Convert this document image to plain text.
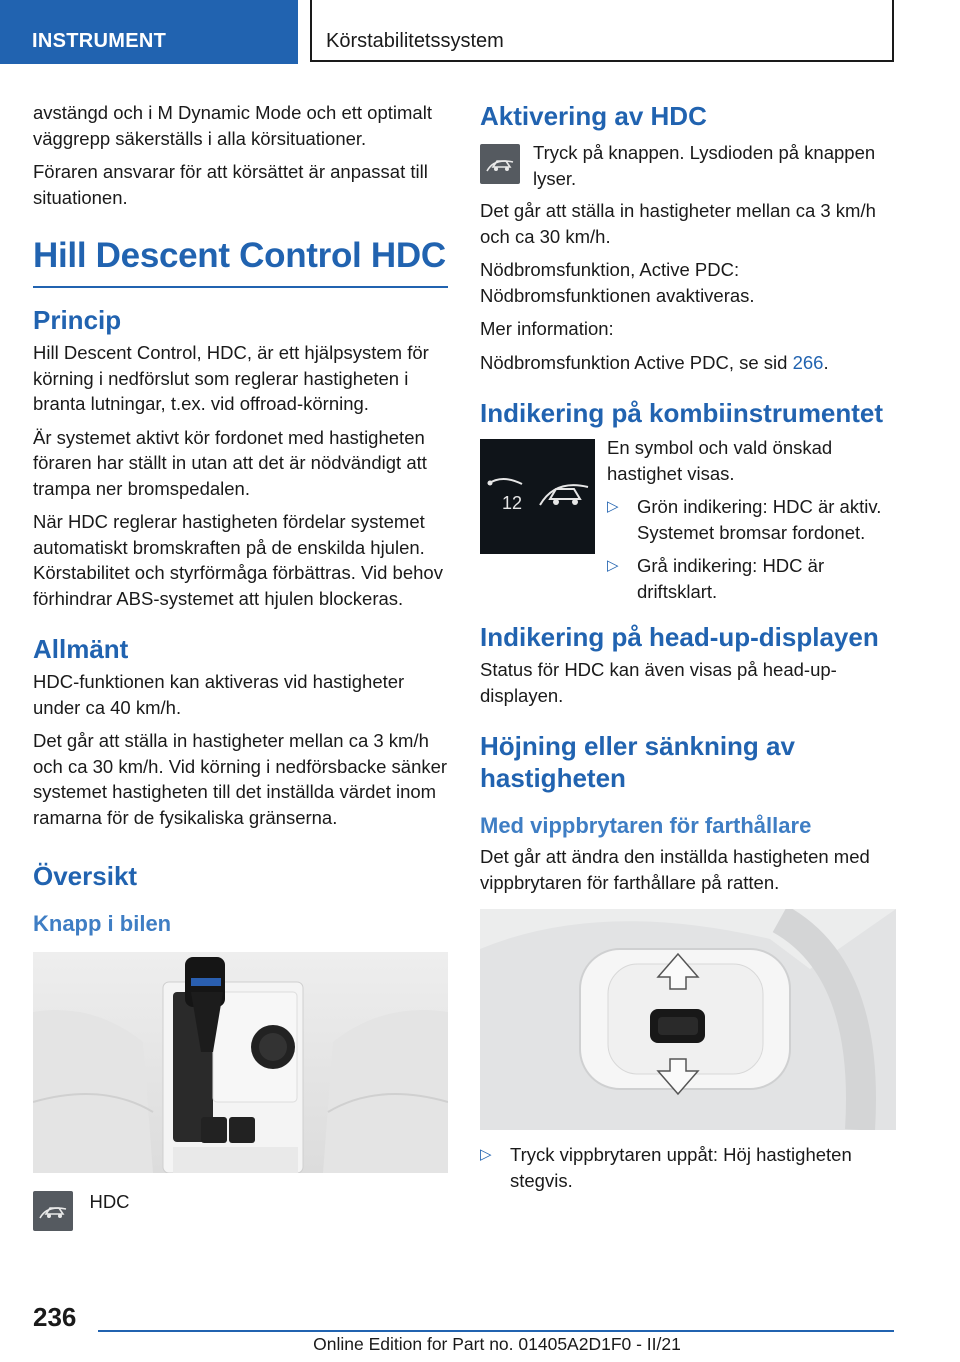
INSTRUMENT	Körstabilitetssystem

avstängd och i M Dynamic Mode och ett optimalt väggrepp säkerställs i alla körsituationer.

Föraren ansvarar för att körsättet är anpassat till situationen.

Hill Descent Control HDC
Princip

Hill Descent Control, HDC, är ett hjälpsystem för körning i nedförslut som reglerar hastigheten i branta lutningar, t.ex. vid offroad-körning.

Är systemet aktivt kör fordonet med hastigheten föraren har ställt in utan att det är nödvändigt att trampa ner bromspedalen.

När HDC reglerar hastigheten fördelar systemet automatiskt bromskraften på de enskilda hjulen. Körstabilitet och styrförmåga förbättras. Vid behov förhindrar ABS-systemet att hjulen blockeras.

Allmänt

HDC-funktionen kan aktiveras vid hastigheter under ca 40 km/h.

Det går att ställa in hastigheter mellan ca 3 km/h och ca 30 km/h. Vid körning i nedförsbacke sänker systemet hastigheten till det inställda värdet inom ramarna för de fysikaliska gränserna.

Översikt
Knapp i bilen
HDC
Aktivering av HDC

Tryck på knappen. Lysdioden på knappen lyser.

Det går att ställa in hastigheter mellan ca 3 km/h och ca 30 km/h.

Nödbromsfunktion, Active PDC: Nödbromsfunktionen avaktiveras.

Mer information:

Nödbromsfunktion Active PDC, se sid 266.

Indikering på kombiinstrumentet
12

En symbol och vald önskad hastighet visas.

▷ Grön indikering: HDC är aktiv. Systemet bromsar fordonet.
▷ Grå indikering: HDC är driftsklart.
Indikering på head-up-displayen

Status för HDC kan även visas på head-up-displayen.

Höjning eller sänkning av hastigheten
Med vippbrytaren för farthållare

Det går att ändra den inställda hastigheten med vippbrytaren för farthållare på ratten.

▷ Tryck vippbrytaren uppåt: Höj hastigheten stegvis.
236
Online Edition for Part no. 01405A2D1F0 - II/21
